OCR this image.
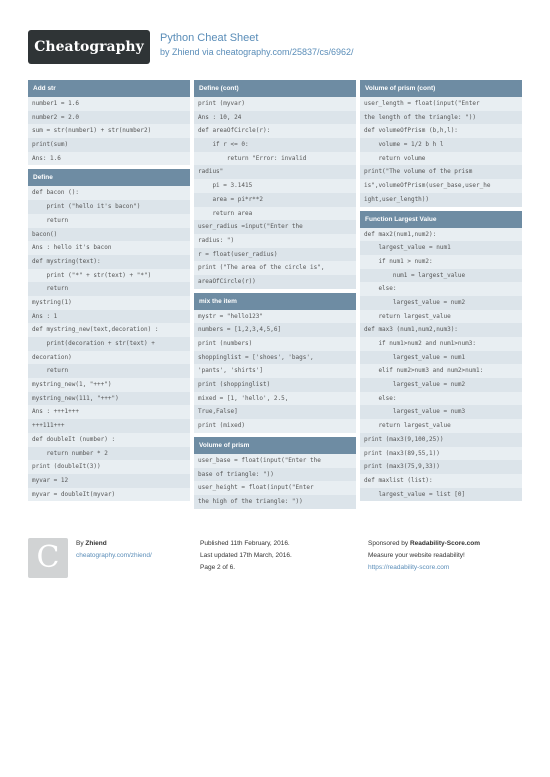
Cheatography
Python Cheat Sheet
by Zhiend via cheatography.com/25837/cs/6962/
Add str
number1 = 1.6
number2 = 2.0
sum = str(number1) + str(number2)
print(sum)
Ans: 1.6
Define
def bacon ():
print ("hello it's bacon")
return
bacon()
Ans : hello it's bacon
def mystring(text):
print ("*" + str(text) + "*")
return
mystring(1)
Ans : 1
def mystring_new(text,decoration) :
print(decoration + str(text) +
decoration)
return
mystring_new(1, "+++")
mystring_new(111, "+++")
Ans : +++1+++
+++111+++
def doubleIt (number) :
return number * 2
print (doubleIt(3))
myvar = 12
myvar = doubleIt(myvar)
Define (cont)
print (myvar)
Ans : 10, 24
def areaOfCircle(r):
if r <= 0:
return "Error: invalid
radius"
pi = 3.1415
area = pi*r**2
return area
user_radius =input("Enter the
radius: ")
r = float(user_radius)
print ("The area of the circle is",
areaOfCircle(r))
mix the item
mystr = "hello123"
numbers = [1,2,3,4,5,6]
print (numbers)
shoppinglist = ['shoes', 'bags',
'pants', 'shirts']
print (shoppinglist)
mixed = [1, 'hello', 2.5,
True,False]
print (mixed)
Volume of prism
user_base = float(input("Enter the
base of triangle: "))
user_height = float(input("Enter
the high of the triangle: "))
Volume of prism (cont)
user_length = float(input("Enter
the length of the triangle: "))
def volumeOfPrism (b,h,l):
volume = 1/2 b h l
return volume
print("The volume of the prism
is",volumeOfPrism(user_base,user_he
ight,user_length))
Function Largest Value
def max2(num1,num2):
largest_value = num1
if num1 > num2:
num1 = largest_value
else:
largest_value = num2
return largest_value
def max3 (num1,num2,num3):
if num1>num2 and num1>num3:
largest_value = num1
elif num2>num3 and num2>num1:
largest_value = num2
else:
largest_value = num3
return largest_value
print (max3(9,100,25))
print (max3(89,55,1))
print (max3(75,9,33))
def maxlist (list):
largest_value = list [0]
C	By Zhiend
cheatography.com/zhiend/
Published 11th February, 2016.
Last updated 17th March, 2016.
Page 2 of 6.
Sponsored by Readability-Score.com
Measure your website readability!
https://readability-score.com
